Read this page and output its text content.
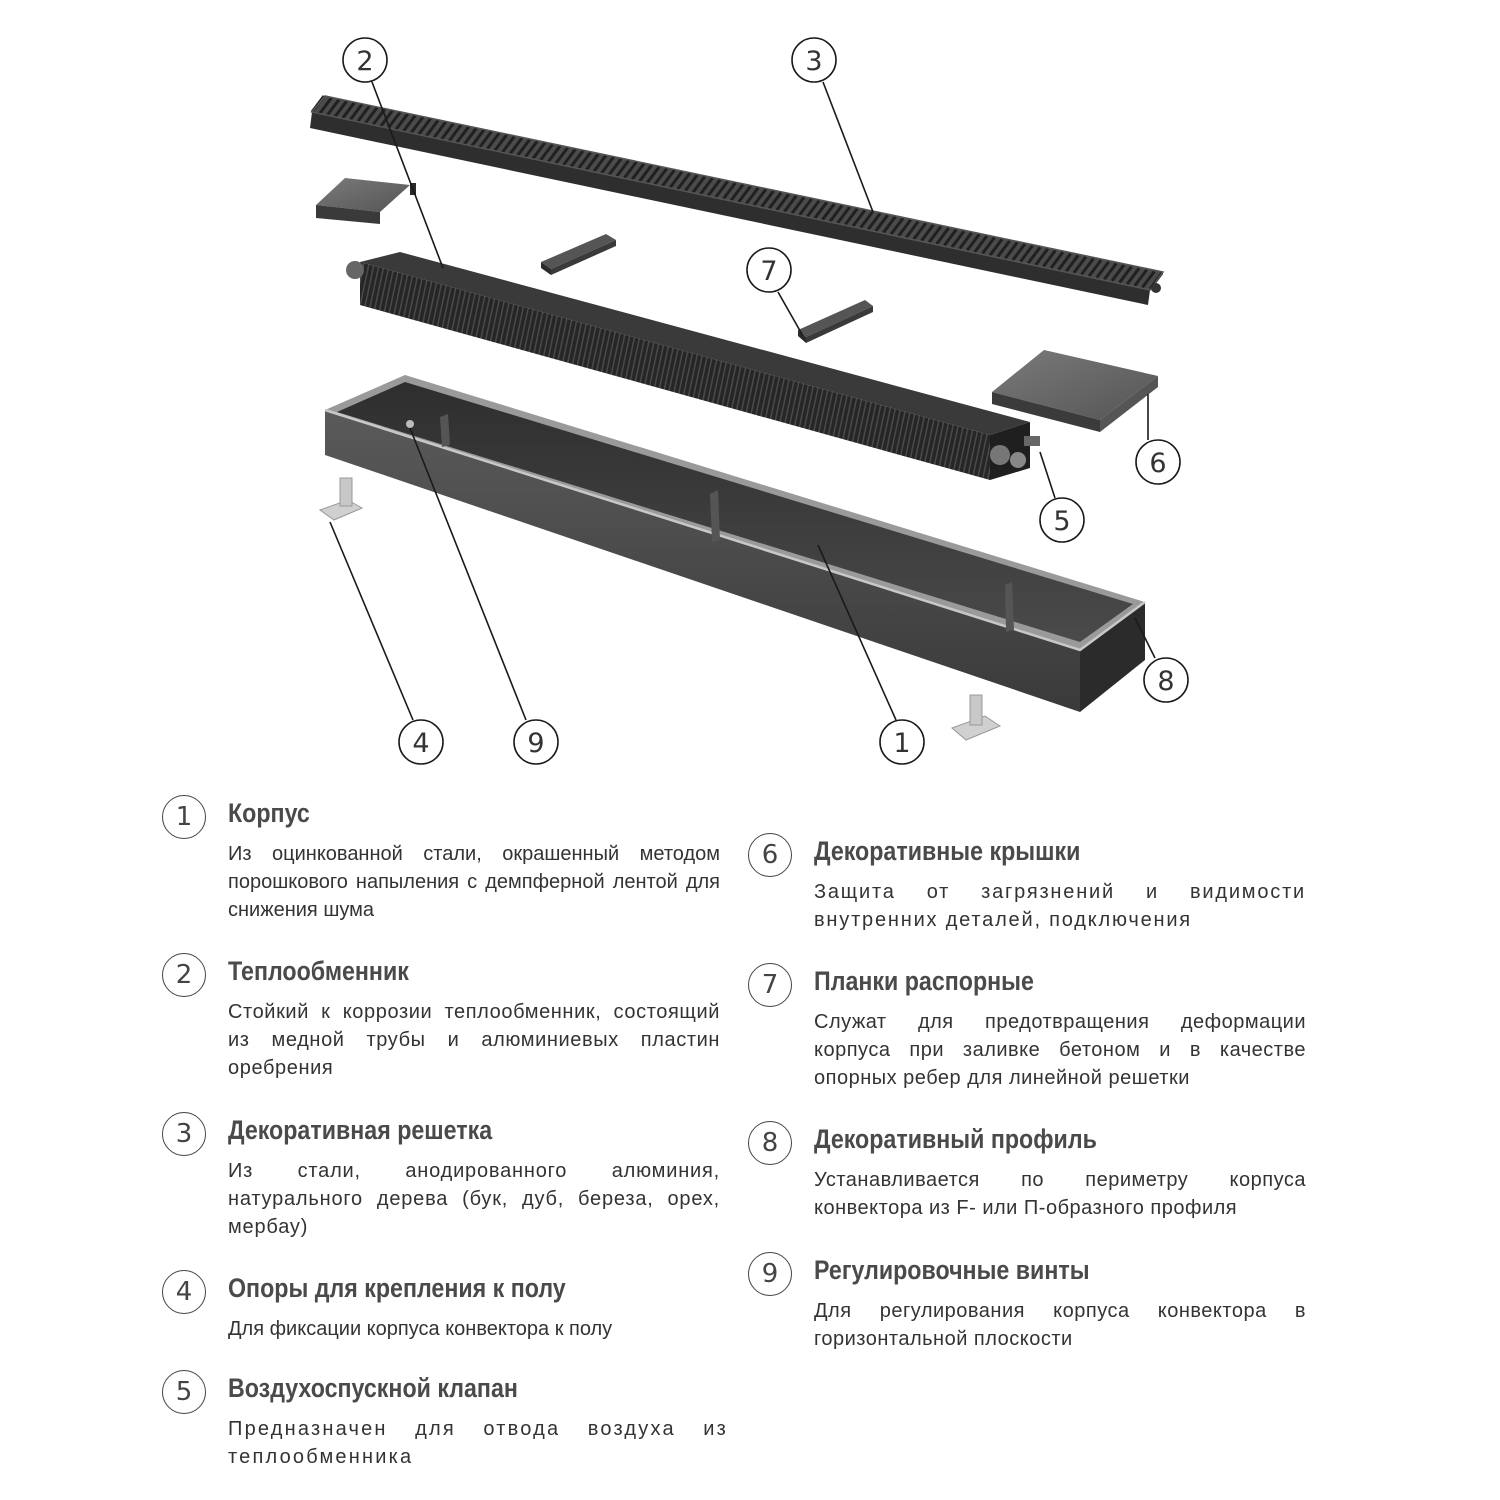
2	3
7
6
5
8
4	9	1
1	Корпус
Из оцинкованной стали, окрашенный методом порошкового напыления с демпферной лентой для снижения шума
2	Теплообменник
Стойкий к коррозии теплообменник, состоящий из медной трубы и алюминиевых пластин оребрения
3	Декоративная решетка
Из стали, анодированного алюминия, натурального дерева (бук, дуб, береза, орех, мербау)
4	Опоры для крепления к полу
Для фиксации корпуса конвектора к полу
5	Воздухоспускной клапан
Предназначен для отвода воздуха из теплообменника
6	Декоративные крышки
Защита от загрязнений и видимости внутренних деталей, подключения
7	Планки распорные
Служат для предотвращения деформации корпуса при заливке бетоном и в качестве опорных ребер для линейной решетки
8	Декоративный профиль
Устанавливается по периметру корпуса конвектора из F- или П-образного профиля
9	Регулировочные винты
Для регулирования корпуса конвектора в горизонтальной плоскости
